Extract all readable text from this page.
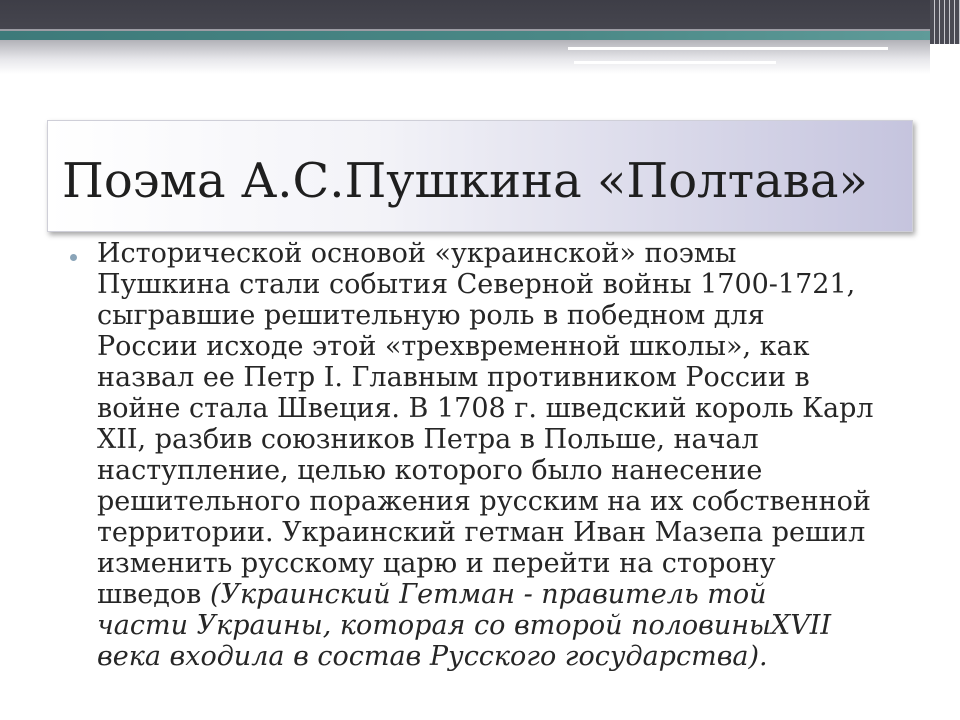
Поэма А.С.Пушкина «Полтава»
Исторической основой «украинской» поэмы
Пушкина стали события Северной войны 1700-1721,
сыгравшие решительную роль в победном для
России исходе этой «трехвременной школы», как
назвал ее Петр I. Главным противником России в
войне стала Швеция. В 1708 г. шведский король Карл
XII, разбив союзников Петра в Польше, начал
наступление, целью которого было нанесение
решительного поражения русским на их собственной
территории. Украинский гетман Иван Мазепа решил
изменить русскому царю и перейти на сторону
шведов (Украинский Гетман - правитель той
части Украины, которая со второй половиныXVII
века входила в состав Русского государства).
